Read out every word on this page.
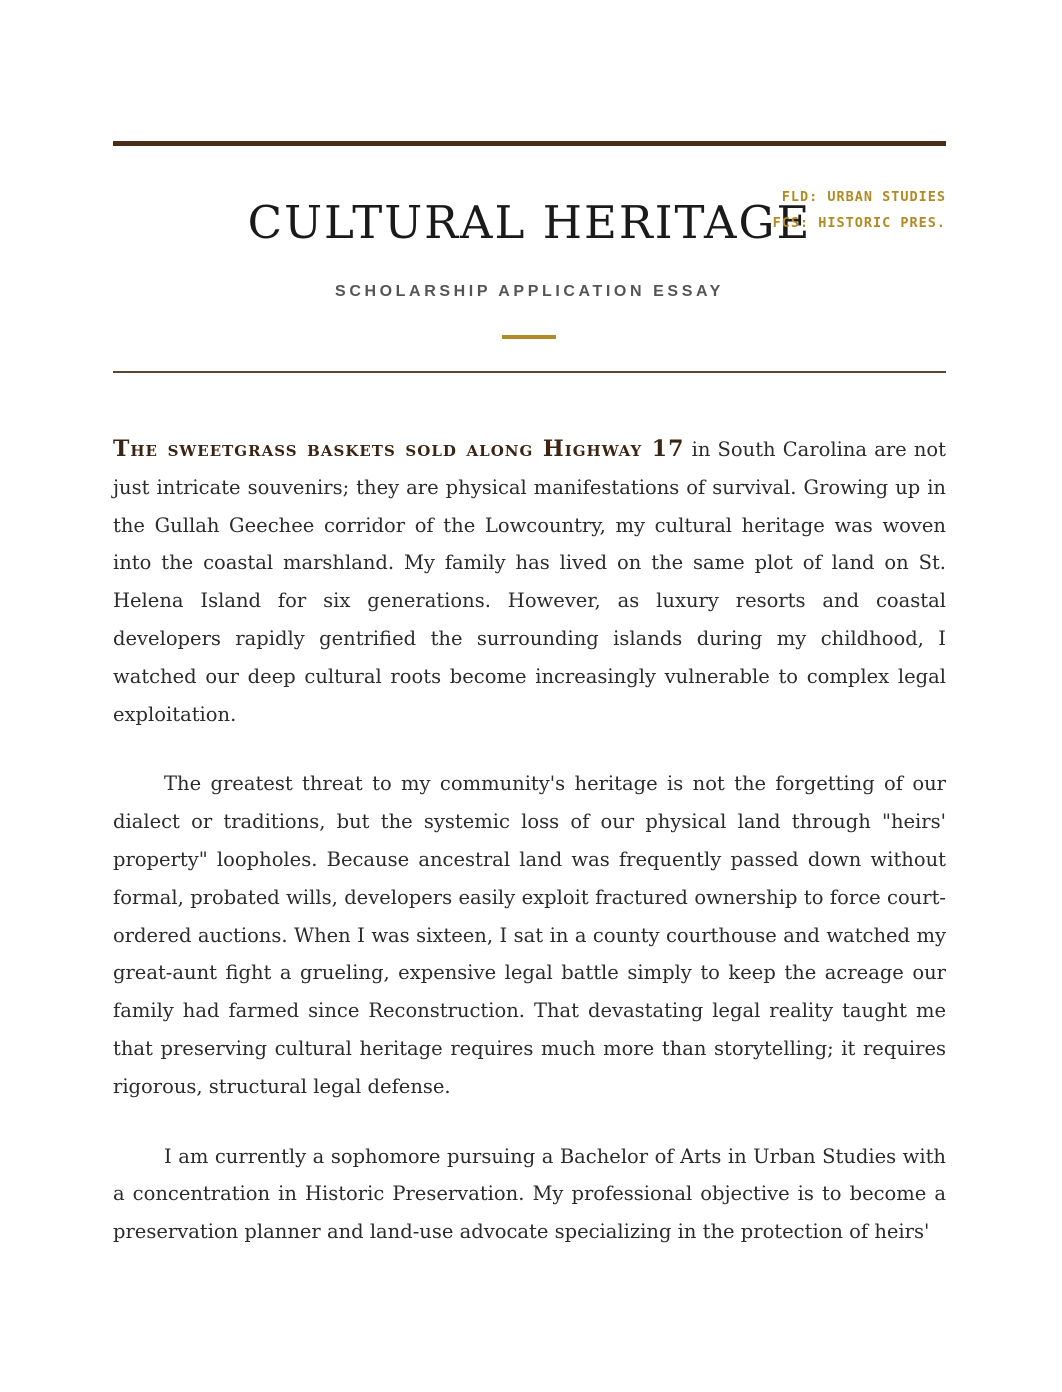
FLD: URBAN STUDIES
FCS: HISTORIC PRES.
CULTURAL HERITAGE
SCHOLARSHIP APPLICATION ESSAY

The sweetgrass baskets sold along Highway 17 in South Carolina are not just intricate souvenirs; they are physical manifestations of survival. Growing up in the Gullah Geechee corridor of the Lowcountry, my cultural heritage was woven into the coastal marshland. My family has lived on the same plot of land on St. Helena Island for six generations. However, as luxury resorts and coastal developers rapidly gentrified the surrounding islands during my childhood, I watched our deep cultural roots become increasingly vulnerable to complex legal exploitation.

The greatest threat to my community's heritage is not the forgetting of our dialect or traditions, but the systemic loss of our physical land through "heirs' property" loopholes. Because ancestral land was frequently passed down without formal, probated wills, developers easily exploit fractured ownership to force court-ordered auctions. When I was sixteen, I sat in a county courthouse and watched my great-aunt fight a grueling, expensive legal battle simply to keep the acreage our family had farmed since Reconstruction. That devastating legal reality taught me that preserving cultural heritage requires much more than storytelling; it requires rigorous, structural legal defense.

I am currently a sophomore pursuing a Bachelor of Arts in Urban Studies with a concentration in Historic Preservation. My professional objective is to become a preservation planner and land-use advocate specializing in the protection of heirs'
